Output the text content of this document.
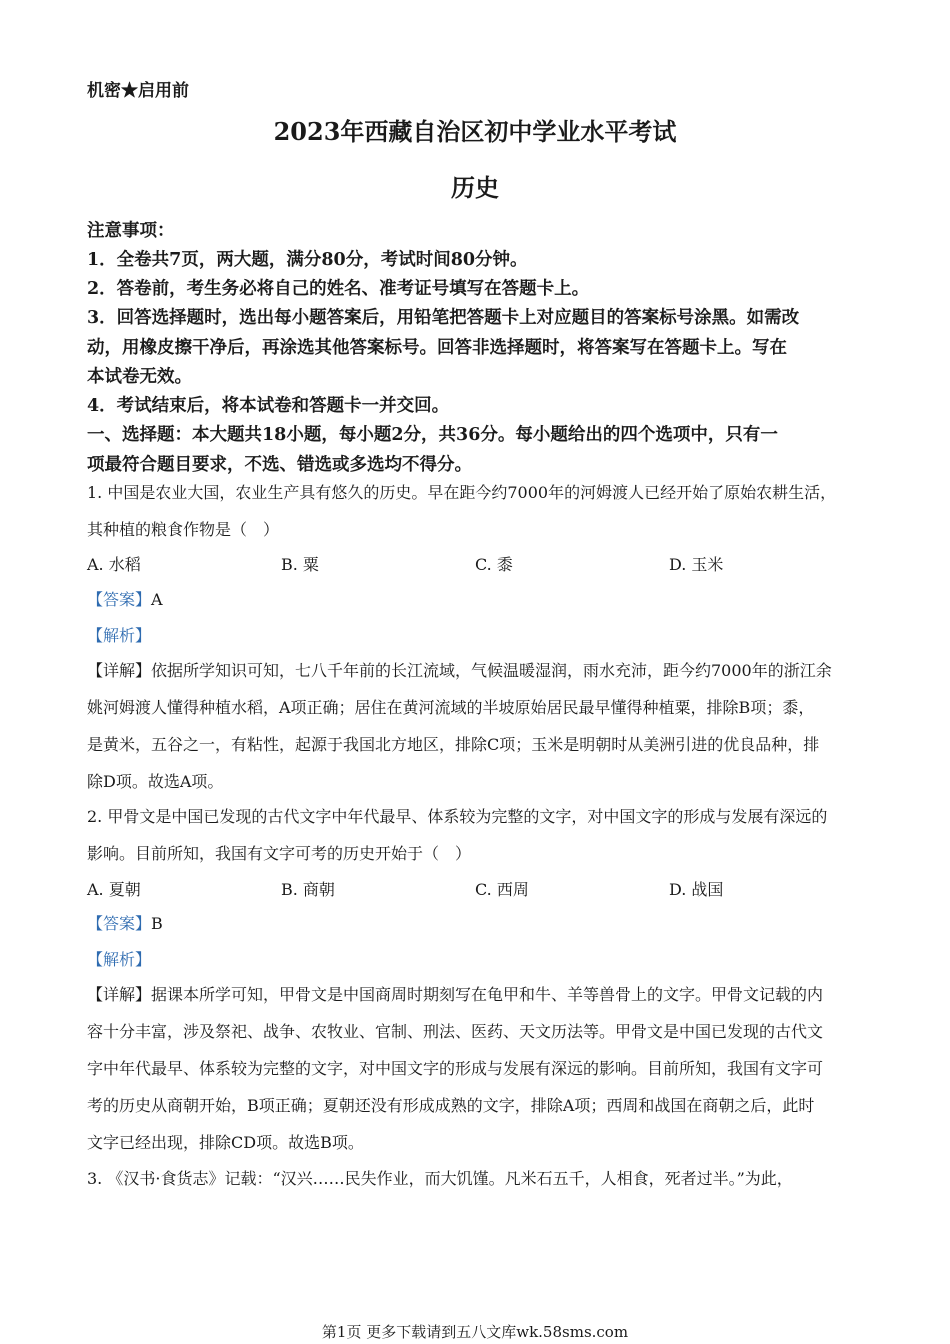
机密★启用前
2023年西藏自治区初中学业水平考试
历史
注意事项：
1．全卷共7页，两大题，满分80分，考试时间80分钟。
2．答卷前，考生务必将自己的姓名、准考证号填写在答题卡上。
3．回答选择题时，选出每小题答案后，用铅笔把答题卡上对应题目的答案标号涂黑。如需改
动，用橡皮擦干净后，再涂选其他答案标号。回答非选择题时，将答案写在答题卡上。写在
本试卷无效。
4．考试结束后，将本试卷和答题卡一并交回。
一、选择题：本大题共18小题，每小题2分，共36分。每小题给出的四个选项中，只有一
项最符合题目要求，不选、错选或多选均不得分。
1. 中国是农业大国，农业生产具有悠久的历史。早在距今约7000年的河姆渡人已经开始了原始农耕生活，
其种植的粮食作物是（　）
A. 水稻	B. 粟	C. 黍	D. 玉米
【答案】A
【解析】
【详解】依据所学知识可知，七八千年前的长江流域，气候温暖湿润，雨水充沛，距今约7000年的浙江余
姚河姆渡人懂得种植水稻，A项正确；居住在黄河流域的半坡原始居民最早懂得种植粟，排除B项；黍，
是黄米，五谷之一，有粘性，起源于我国北方地区，排除C项；玉米是明朝时从美洲引进的优良品种，排
除D项。故选A项。
2. 甲骨文是中国已发现的古代文字中年代最早、体系较为完整的文字，对中国文字的形成与发展有深远的
影响。目前所知，我国有文字可考的历史开始于（　）
A. 夏朝	B. 商朝	C. 西周	D. 战国
【答案】B
【解析】
【详解】据课本所学可知，甲骨文是中国商周时期刻写在龟甲和牛、羊等兽骨上的文字。甲骨文记载的内
容十分丰富，涉及祭祀、战争、农牧业、官制、刑法、医药、天文历法等。甲骨文是中国已发现的古代文
字中年代最早、体系较为完整的文字，对中国文字的形成与发展有深远的影响。目前所知，我国有文字可
考的历史从商朝开始，B项正确；夏朝还没有形成成熟的文字，排除A项；西周和战国在商朝之后，此时
文字已经出现，排除CD项。故选B项。
3. 《汉书·食货志》记载：“汉兴……民失作业，而大饥馑。凡米石五千，人相食，死者过半。”为此，
第1页 更多下载请到五八文库wk.58sms.com
